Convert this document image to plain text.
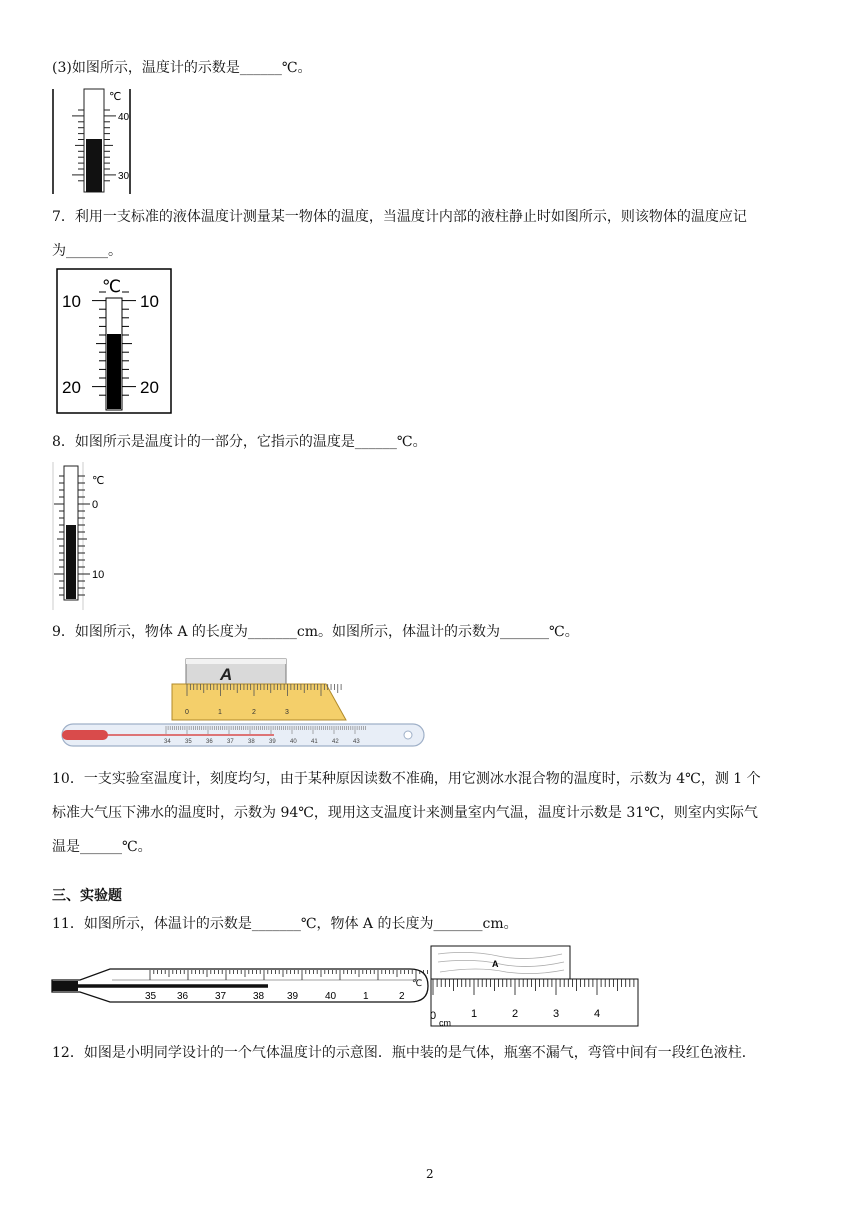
(3)如图所示，温度计的示数是______℃。
℃
40
30
7．利用一支标准的液体温度计测量某一物体的温度，当温度计内部的液柱静止时如图所示，则该物体的温度应记
为______。
℃
10	10
20	20
8．如图所示是温度计的一部分，它指示的温度是______℃。
℃
0
10
9．如图所示，物体 A 的长度为_______cm。如图所示，体温计的示数为_______℃。
A
0	1	2	3
34 35 36 37 38 39 40 41 42 43
10．一支实验室温度计，刻度均匀，由于某种原因读数不准确，用它测冰水混合物的温度时，示数为 4℃，测 1 个
标准大气压下沸水的温度时，示数为 94℃，现用这支温度计来测量室内气温，温度计示数是 31℃，则室内实际气
温是______℃。
三、实验题
11．如图所示，体温计的示数是_______℃，物体 A 的长度为_______cm。
35 36	37	38 39	40	1	2
℃
A
0	1	2	3	4
cm
12．如图是小明同学设计的一个气体温度计的示意图．瓶中装的是气体，瓶塞不漏气，弯管中间有一段红色液柱．
2
